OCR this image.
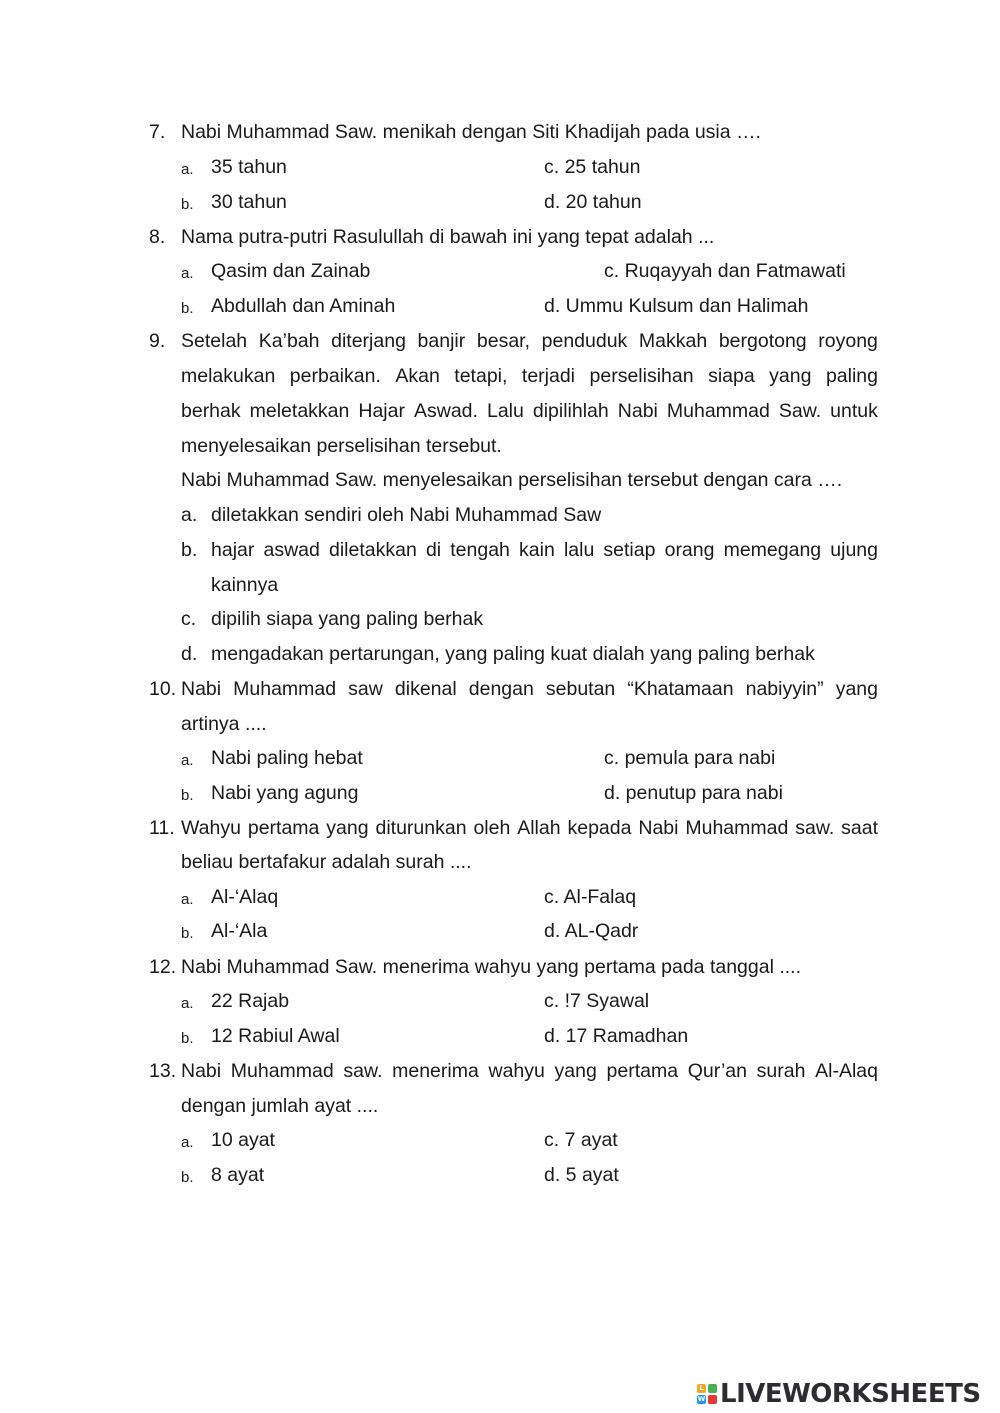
7. Nabi Muhammad Saw. menikah dengan Siti Khadijah pada usia ….
a. 35 tahun	c. 25 tahun
b. 30 tahun	d. 20 tahun
8. Nama putra-putri Rasulullah di bawah ini yang tepat adalah ...
a. Qasim dan Zainab	c. Ruqayyah dan Fatmawati
b. Abdullah dan Aminah	d. Ummu Kulsum dan Halimah
9. Setelah Ka’bah diterjang banjir besar, penduduk Makkah bergotong royong
melakukan perbaikan. Akan tetapi, terjadi perselisihan siapa yang paling
berhak meletakkan Hajar Aswad. Lalu dipilihlah Nabi Muhammad Saw. untuk
menyelesaikan perselisihan tersebut.
Nabi Muhammad Saw. menyelesaikan perselisihan tersebut dengan cara ….
a. diletakkan sendiri oleh Nabi Muhammad Saw
b. hajar aswad diletakkan di tengah kain lalu setiap orang memegang ujung
kainnya
c. dipilih siapa yang paling berhak
d. mengadakan pertarungan, yang paling kuat dialah yang paling berhak
10. Nabi Muhammad saw dikenal dengan sebutan “Khatamaan nabiyyin” yang
artinya ....
a. Nabi paling hebat	c. pemula para nabi
b. Nabi yang agung	d. penutup para nabi
11. Wahyu pertama yang diturunkan oleh Allah kepada Nabi Muhammad saw. saat
beliau bertafakur adalah surah ....
a. Al-‘Alaq	c. Al-Falaq
b. Al-‘Ala	d. AL-Qadr
12. Nabi Muhammad Saw. menerima wahyu yang pertama pada tanggal ....
a. 22 Rajab	c. !7 Syawal
b. 12 Rabiul Awal	d. 17 Ramadhan
13. Nabi Muhammad saw. menerima wahyu yang pertama Qur’an surah Al-Alaq
dengan jumlah ayat ....
a. 10 ayat	c. 7 ayat
b. 8 ayat	d. 5 ayat
L
W LIVEWORKSHEETS
